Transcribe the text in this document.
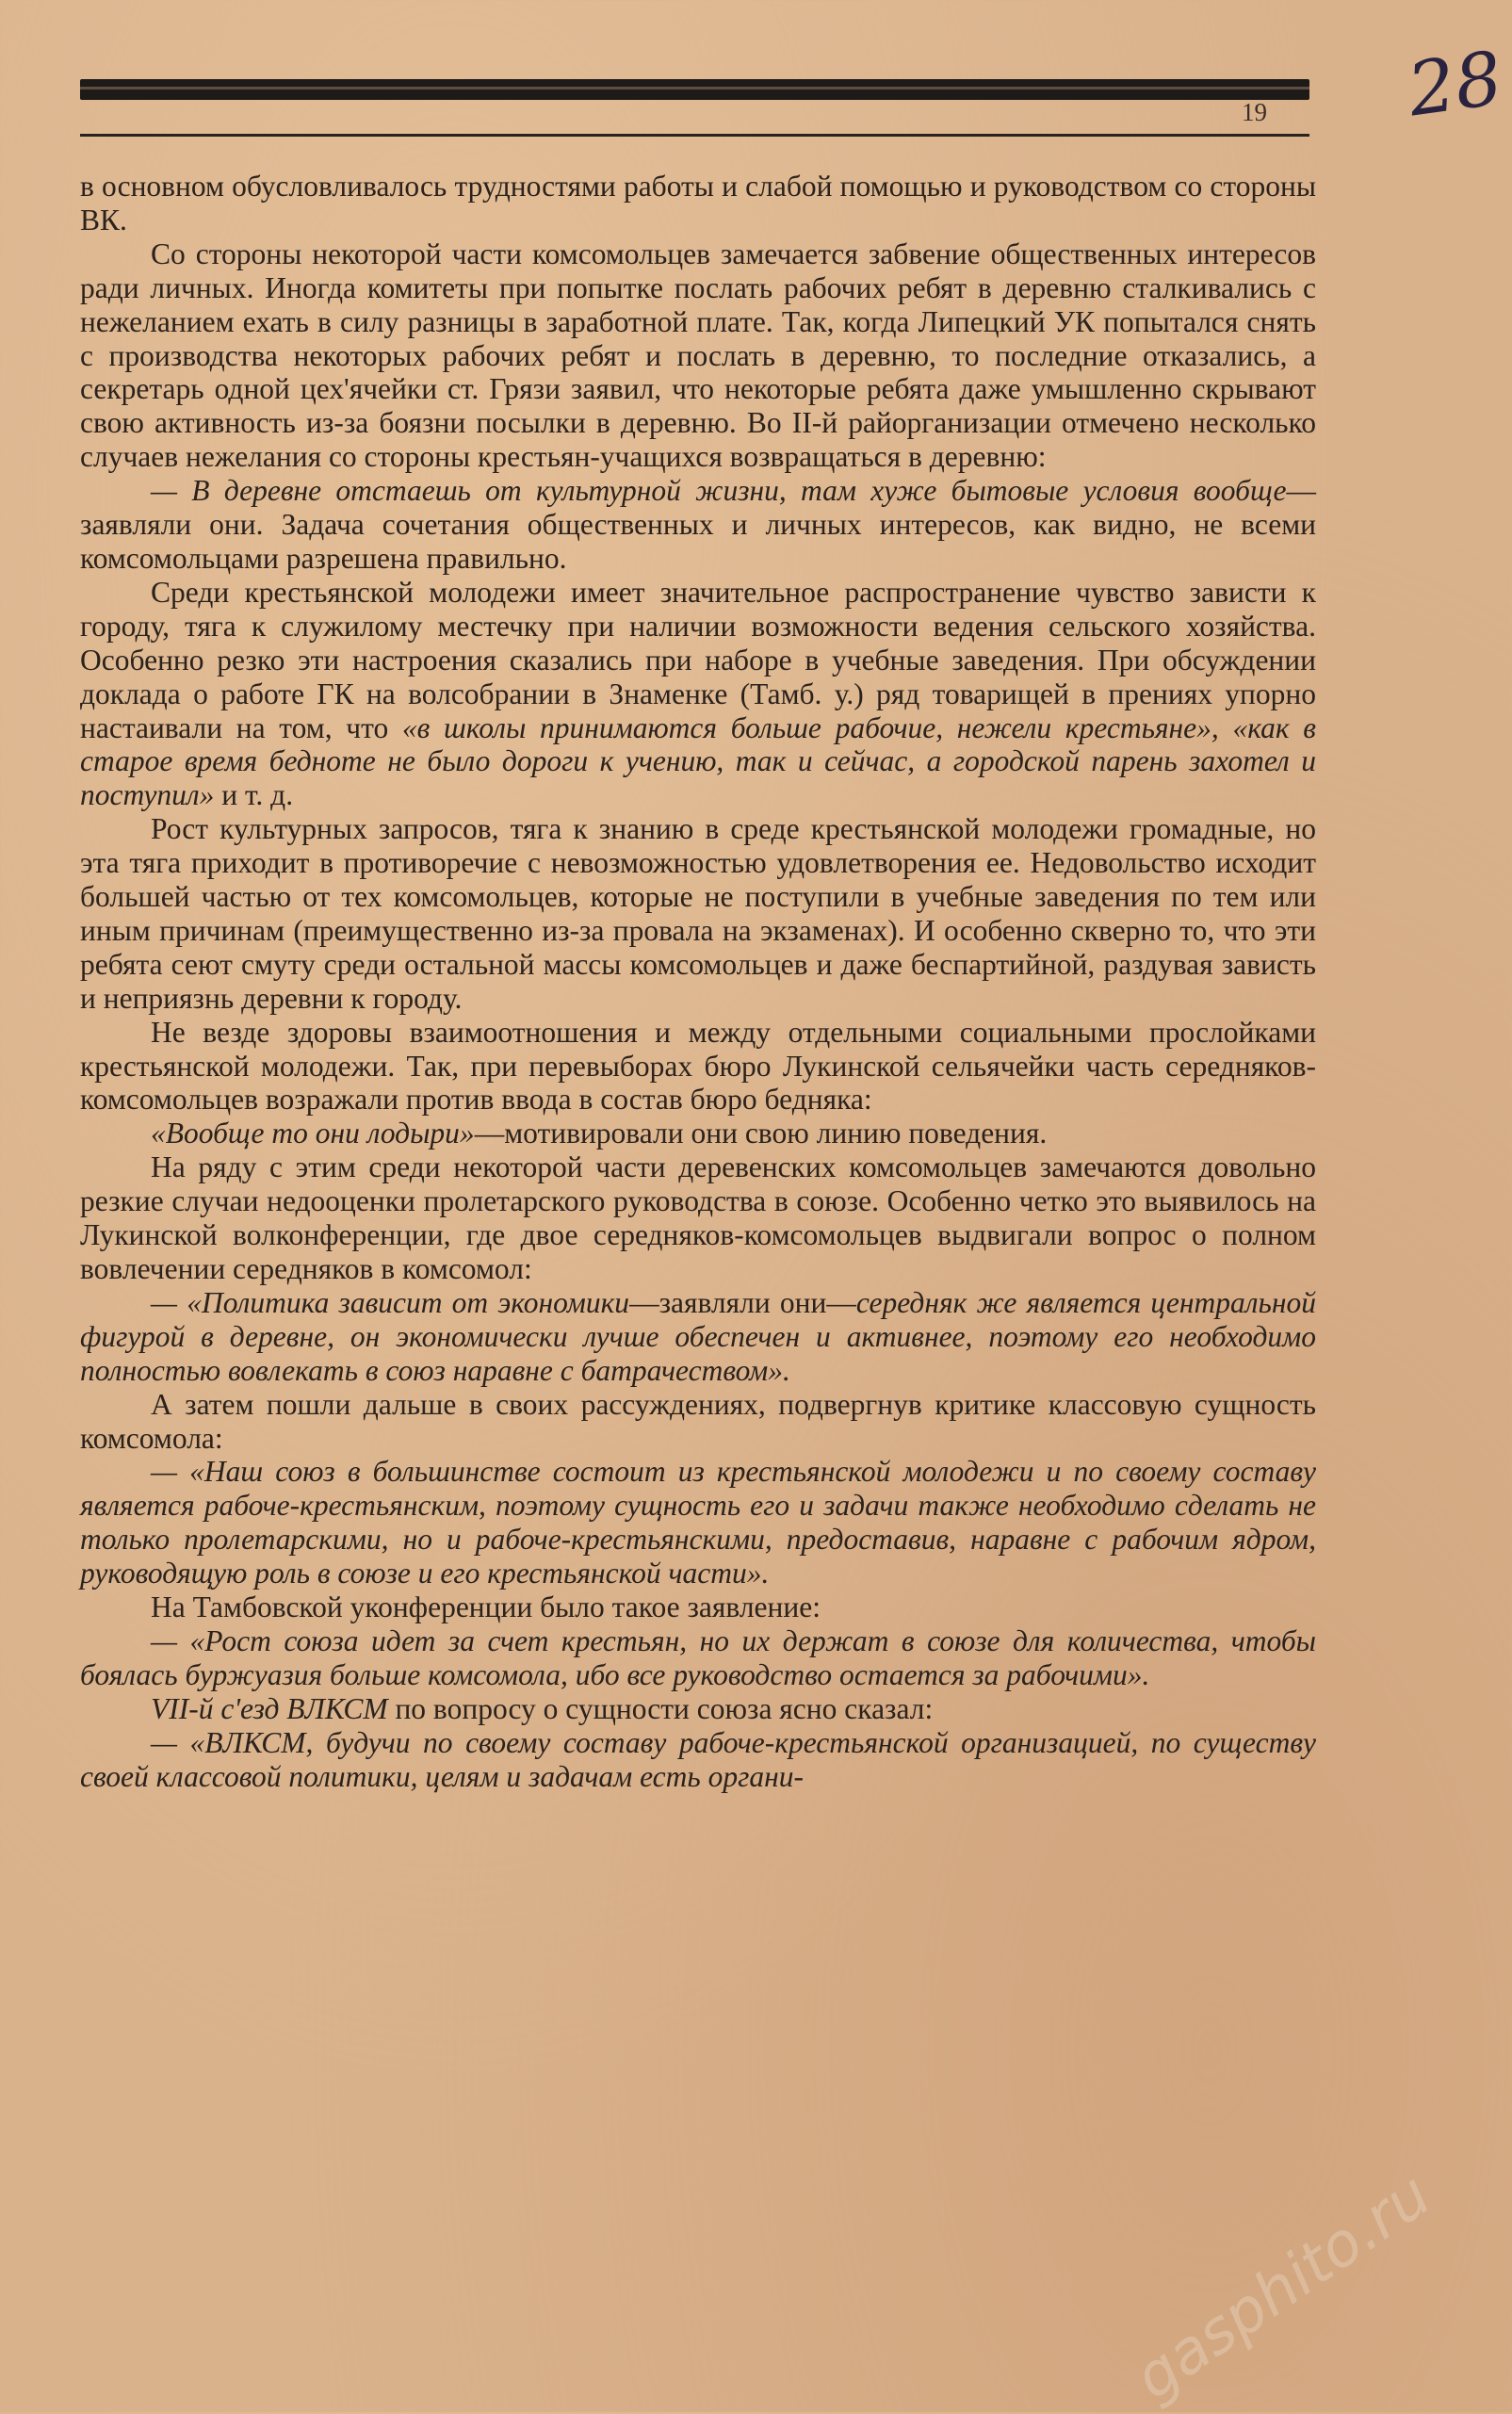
19 28

в основном обусловливалось трудностями работы и слабой помощью и руководством со стороны ВК.

Со стороны некоторой части комсомольцев замечается забвение общественных интересов ради личных. Иногда комитеты при попытке послать рабочих ребят в деревню сталкивались с нежеланием ехать в силу разницы в заработной плате. Так, когда Липецкий УК попытался снять с производства некоторых рабочих ребят и послать в деревню, то последние отказались, а секретарь одной цех'ячейки ст. Грязи заявил, что некоторые ребята даже умышленно скрывают свою активность из-за боязни посылки в деревню. Во II-й райорганизации отмечено несколько случаев нежелания со стороны крестьян-учащихся возвращаться в деревню:

— В деревне отстаешь от культурной жизни, там хуже бытовые условия вообще—заявляли они. Задача сочетания общественных и личных интересов, как видно, не всеми комсомольцами разрешена правильно.

Среди крестьянской молодежи имеет значительное распространение чувство зависти к городу, тяга к служилому местечку при наличии возможности ведения сельского хозяйства. Особенно резко эти настроения сказались при наборе в учебные заведения. При обсуждении доклада о работе ГК на волсобрании в Знаменке (Тамб. у.) ряд товарищей в прениях упорно настаивали на том, что «в школы принимаются больше рабочие, нежели крестьяне», «как в старое время бедноте не было дороги к учению, так и сейчас, а городской парень захотел и поступил» и т. д.

Рост культурных запросов, тяга к знанию в среде крестьянской молодежи громадные, но эта тяга приходит в противоречие с невозможностью удовлетворения ее. Недовольство исходит большей частью от тех комсомольцев, которые не поступили в учебные заведения по тем или иным причинам (преимущественно из-за провала на экзаменах). И особенно скверно то, что эти ребята сеют смуту среди остальной массы комсомольцев и даже беспартийной, раздувая зависть и неприязнь деревни к городу.

Не везде здоровы взаимоотношения и между отдельными социальными прослойками крестьянской молодежи. Так, при перевыборах бюро Лукинской сельячейки часть середняков-комсомольцев возражали против ввода в состав бюро бедняка:

«Вообще то они лодыри»—мотивировали они свою линию поведения.

На ряду с этим среди некоторой части деревенских комсомольцев замечаются довольно резкие случаи недооценки пролетарского руководства в союзе. Особенно четко это выявилось на Лукинской волконференции, где двое середняков-комсомольцев выдвигали вопрос о полном вовлечении середняков в комсомол:

— «Политика зависит от экономики—заявляли они—середняк же является центральной фигурой в деревне, он экономически лучше обеспечен и активнее, поэтому его необходимо полностью вовлекать в союз наравне с батрачеством».

А затем пошли дальше в своих рассуждениях, подвергнув критике классовую сущность комсомола:

— «Наш союз в большинстве состоит из крестьянской молодежи и по своему составу является рабоче-крестьянским, поэтому сущность его и задачи также необходимо сделать не только пролетарскими, но и рабоче-крестьянскими, предоставив, наравне с рабочим ядром, руководящую роль в союзе и его крестьянской части».

На Тамбовской уконференции было такое заявление:

— «Рост союза идет за счет крестьян, но их держат в союзе для количества, чтобы боялась буржуазия больше комсомола, ибо все руководство остается за рабочими».

VII-й с'езд ВЛКСМ по вопросу о сущности союза ясно сказал:

— «ВЛКСМ, будучи по своему составу рабоче-крестьянской организацией, по существу своей классовой политики, целям и задачам есть органи-

gasphito.ru
